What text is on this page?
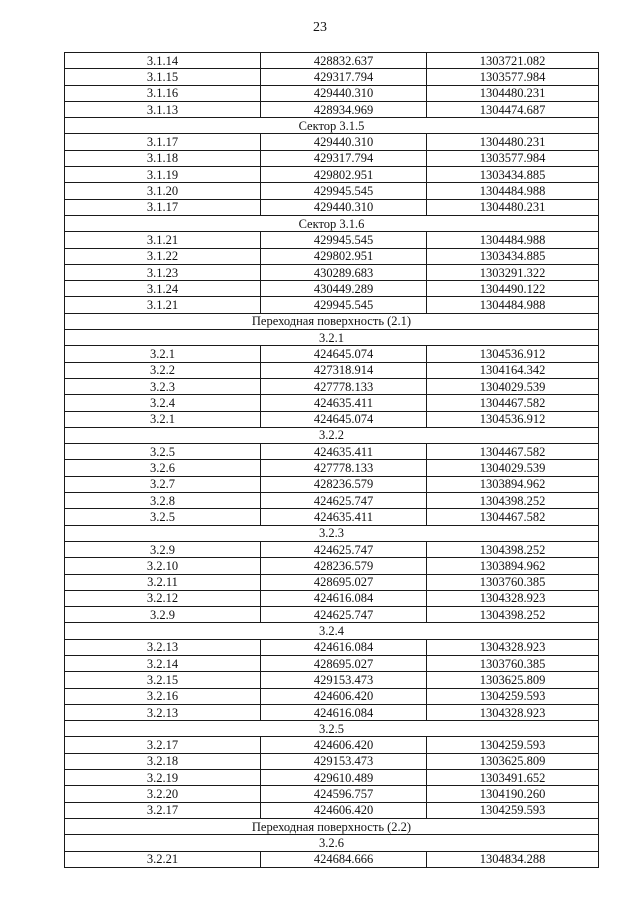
23
3.1.14	428832.637	1303721.082
3.1.15	429317.794	1303577.984
3.1.16	429440.310	1304480.231
3.1.13	428934.969	1304474.687
Сектор 3.1.5		
3.1.17	429440.310	1304480.231
3.1.18	429317.794	1303577.984
3.1.19	429802.951	1303434.885
3.1.20	429945.545	1304484.988
3.1.17	429440.310	1304480.231
Сектор 3.1.6		
3.1.21	429945.545	1304484.988
3.1.22	429802.951	1303434.885
3.1.23	430289.683	1303291.322
3.1.24	430449.289	1304490.122
3.1.21	429945.545	1304484.988
Переходная поверхность (2.1)		
3.2.1		
3.2.1	424645.074	1304536.912
3.2.2	427318.914	1304164.342
3.2.3	427778.133	1304029.539
3.2.4	424635.411	1304467.582
3.2.1	424645.074	1304536.912
3.2.2		
3.2.5	424635.411	1304467.582
3.2.6	427778.133	1304029.539
3.2.7	428236.579	1303894.962
3.2.8	424625.747	1304398.252
3.2.5	424635.411	1304467.582
3.2.3		
3.2.9	424625.747	1304398.252
3.2.10	428236.579	1303894.962
3.2.11	428695.027	1303760.385
3.2.12	424616.084	1304328.923
3.2.9	424625.747	1304398.252
3.2.4		
3.2.13	424616.084	1304328.923
3.2.14	428695.027	1303760.385
3.2.15	429153.473	1303625.809
3.2.16	424606.420	1304259.593
3.2.13	424616.084	1304328.923
3.2.5		
3.2.17	424606.420	1304259.593
3.2.18	429153.473	1303625.809
3.2.19	429610.489	1303491.652
3.2.20	424596.757	1304190.260
3.2.17	424606.420	1304259.593
Переходная поверхность (2.2)		
3.2.6		
3.2.21	424684.666	1304834.288
